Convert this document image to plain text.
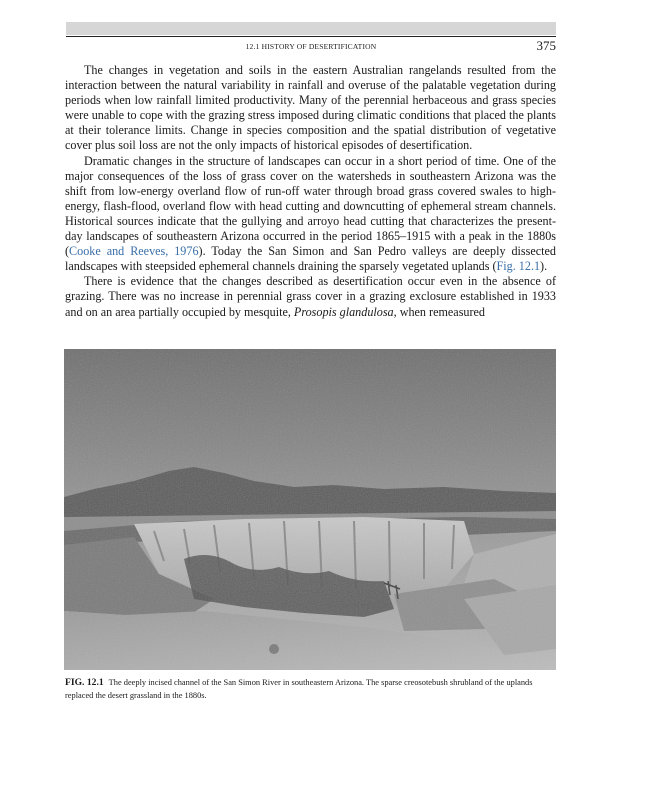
12.1 HISTORY OF DESERTIFICATION	375

The changes in vegetation and soils in the eastern Australian rangelands resulted from the interaction between the natural variability in rainfall and overuse of the palatable vegetation during periods when low rainfall limited productivity. Many of the perennial herbaceous and grass species were unable to cope with the grazing stress imposed during climatic conditions that placed the plants at their tolerance limits. Change in species composition and the spatial distribution of vegetative cover plus soil loss are not the only impacts of historical episodes of desertification.

Dramatic changes in the structure of landscapes can occur in a short period of time. One of the major consequences of the loss of grass cover on the watersheds in southeastern Arizona was the shift from low-energy overland flow of run-off water through broad grass covered swales to high-energy, flash-flood, overland flow with head cutting and downcutting of ephemeral stream channels. Historical sources indicate that the gullying and arroyo head cutting that characterizes the present-day landscapes of southeastern Arizona occurred in the period 1865–1915 with a peak in the 1880s (Cooke and Reeves, 1976). Today the San Simon and San Pedro valleys are deeply dissected landscapes with steepsided ephemeral channels draining the sparsely vegetated uplands (Fig. 12.1).

There is evidence that the changes described as desertification occur even in the absence of grazing. There was no increase in perennial grass cover in a grazing exclosure established in 1933 and on an area partially occupied by mesquite, Prosopis glandulosa, when remeasured

FIG. 12.1 The deeply incised channel of the San Simon River in southeastern Arizona. The sparse creosotebush shrubland of the uplands replaced the desert grassland in the 1880s.
